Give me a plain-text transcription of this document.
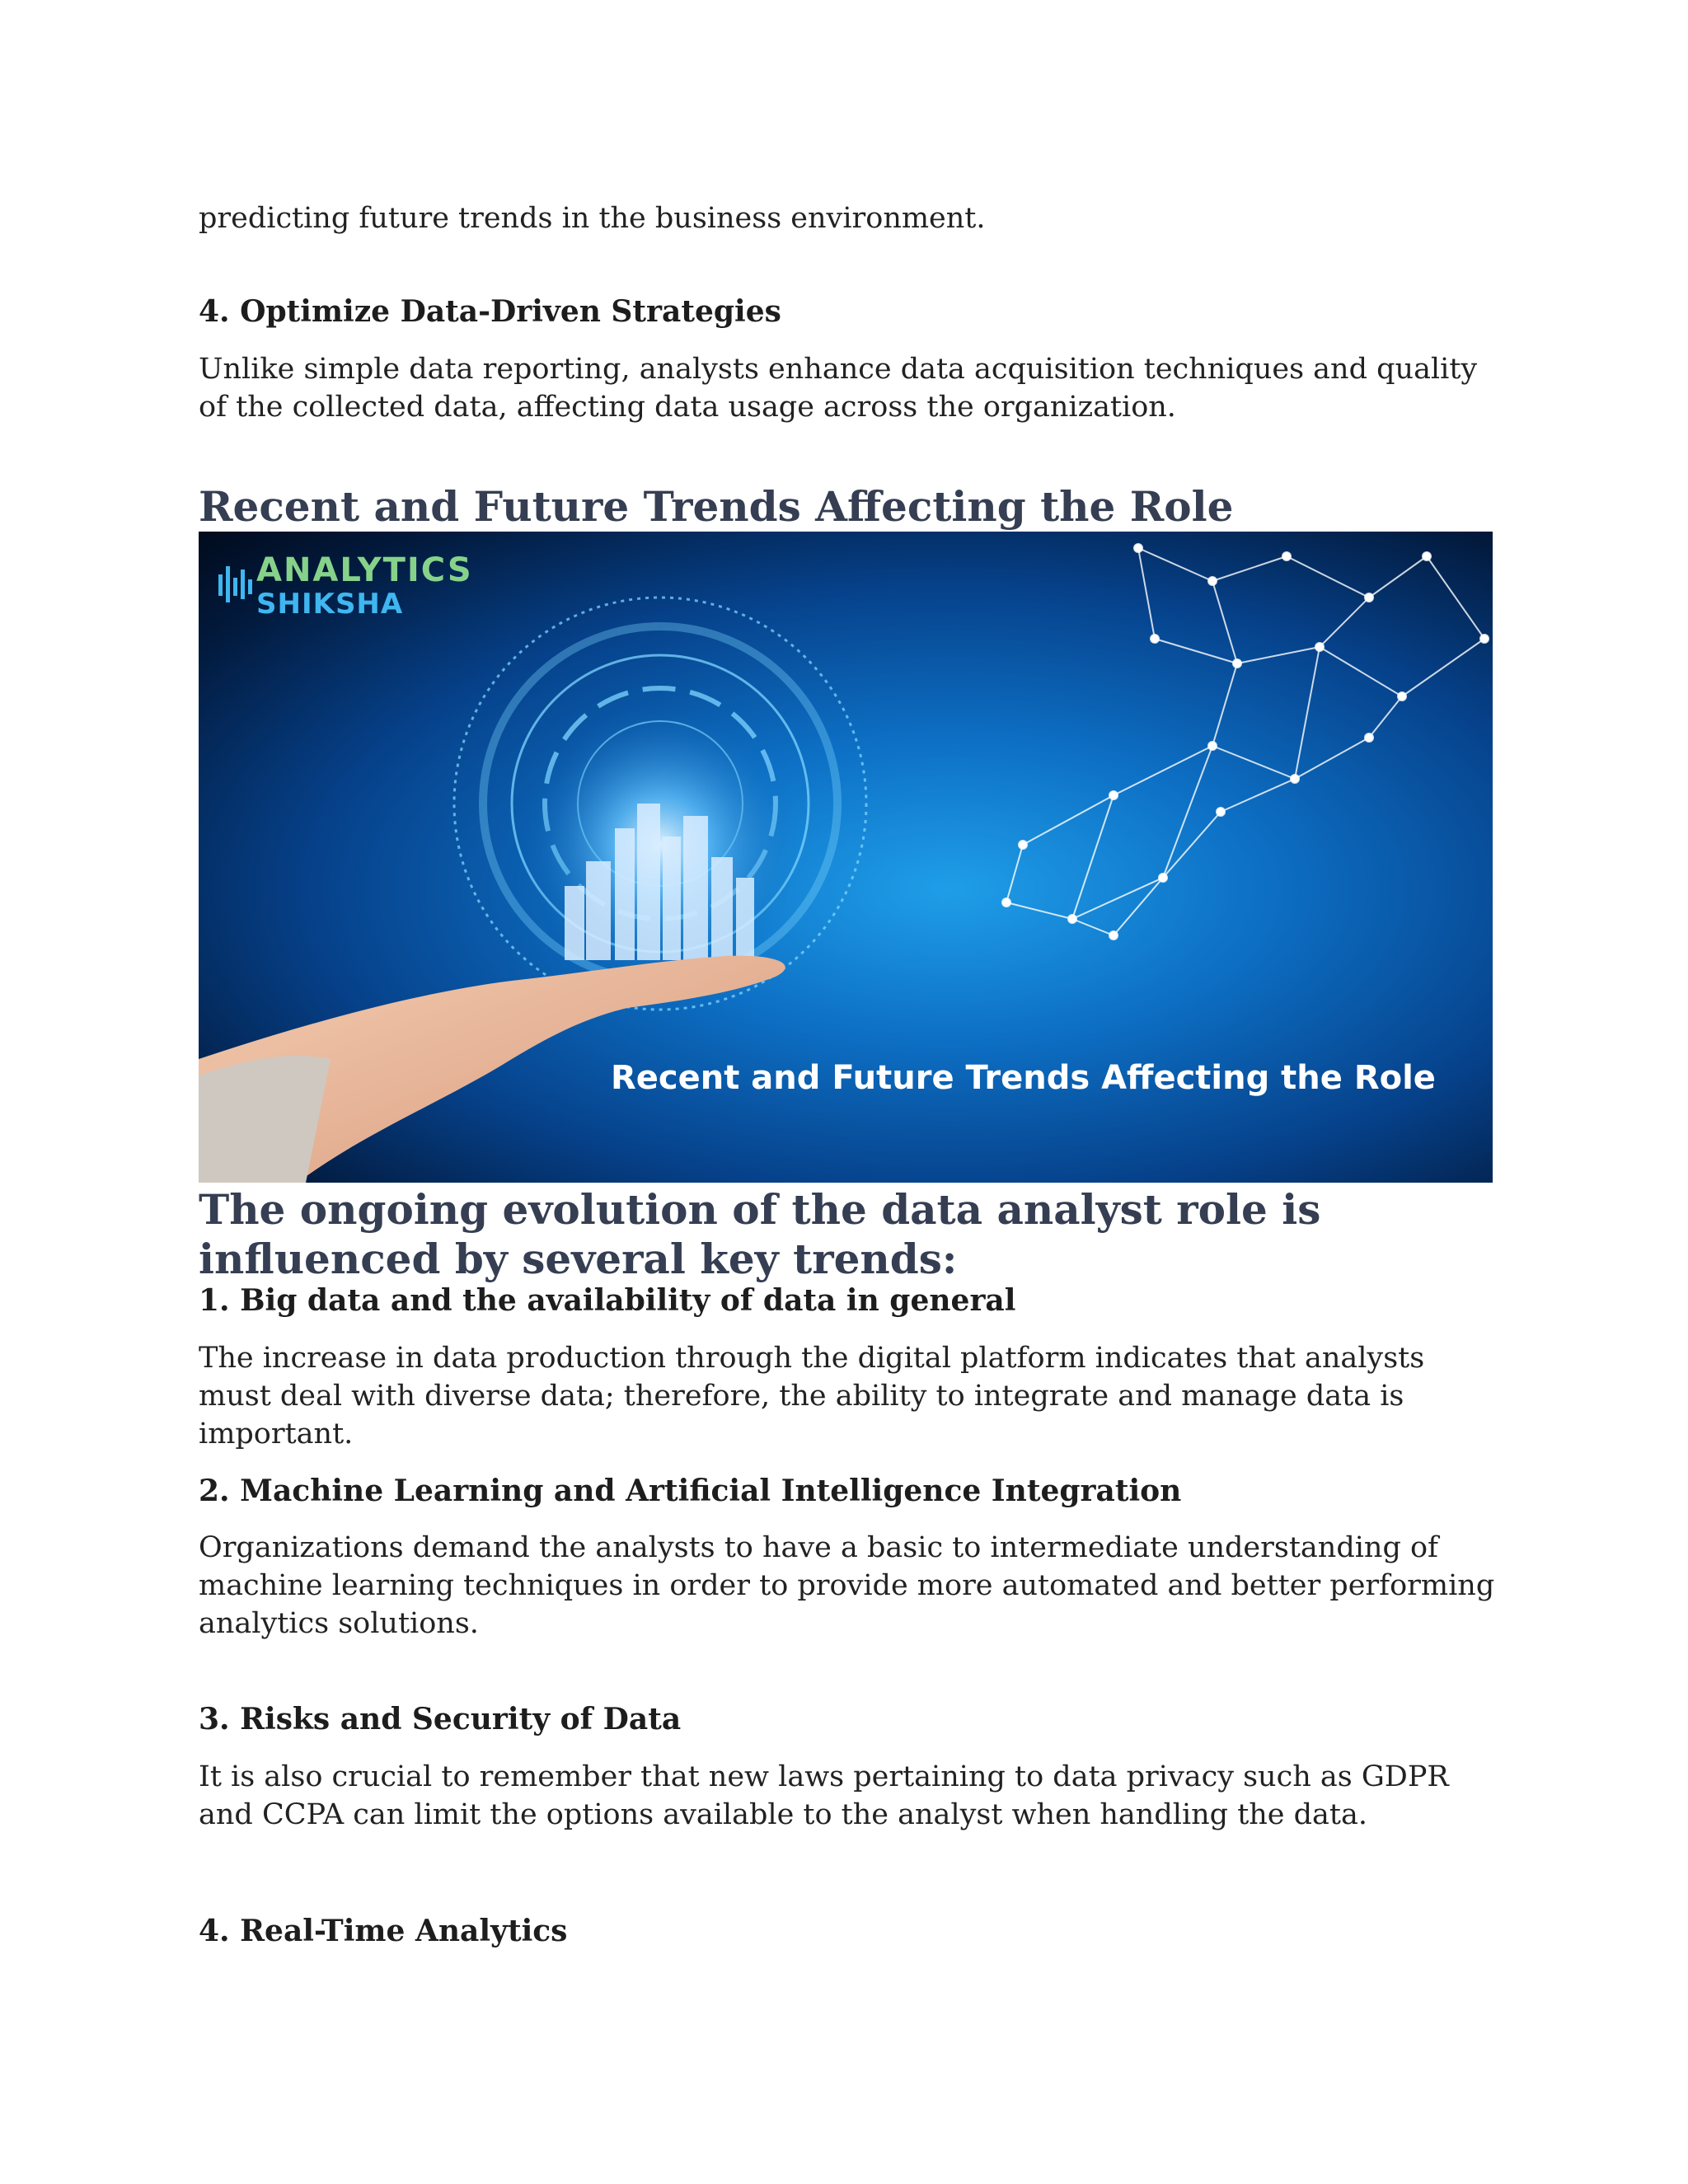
predicting future trends in the business environment.

4. Optimize Data-Driven Strategies

Unlike simple data reporting, analysts enhance data acquisition techniques and quality of the collected data, affecting data usage across the organization.

Recent and Future Trends Affecting the Role
ANALYTICS
SHIKSHA
Recent and Future Trends Affecting the Role
The ongoing evolution of the data analyst role is influenced by several key trends:

1. Big data and the availability of data in general

The increase in data production through the digital platform indicates that analysts must deal with diverse data; therefore, the ability to integrate and manage data is important.

2. Machine Learning and Artificial Intelligence Integration

Organizations demand the analysts to have a basic to intermediate understanding of machine learning techniques in order to provide more automated and better performing analytics solutions.

3. Risks and Security of Data

It is also crucial to remember that new laws pertaining to data privacy such as GDPR and CCPA can limit the options available to the analyst when handling the data.

4. Real-Time Analytics
